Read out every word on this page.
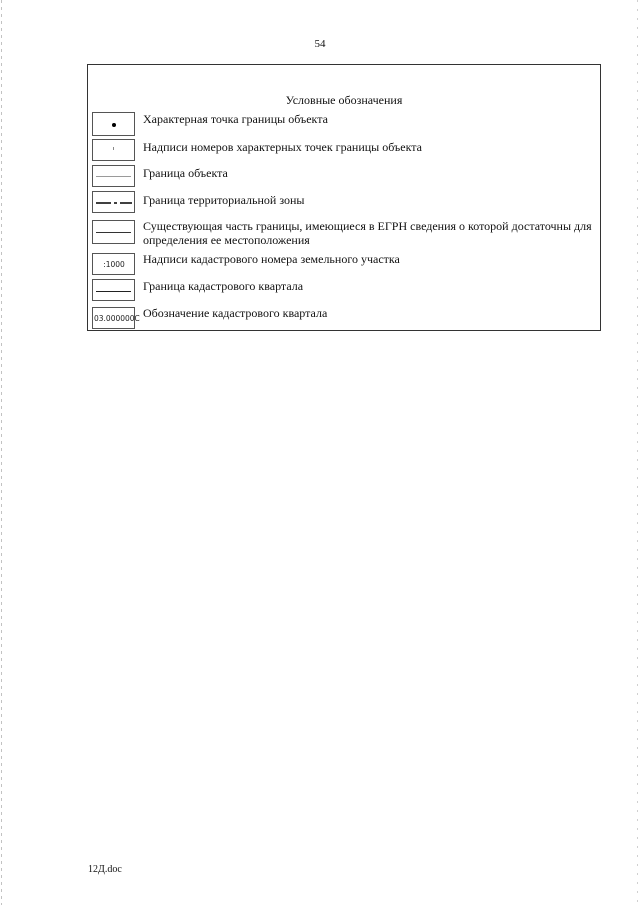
54
Условные обозначения
Характерная точка границы объекта
Надписи номеров характерных точек границы объекта
Граница объекта
Граница территориальной зоны
Существующая часть границы, имеющиеся в ЕГРН сведения о которой достаточны для определения ее местоположения
:1000	Надписи кадастрового номера земельного участка
Граница кадастрового квартала
03.000000C Обозначение кадастрового квартала
12Д.doc
